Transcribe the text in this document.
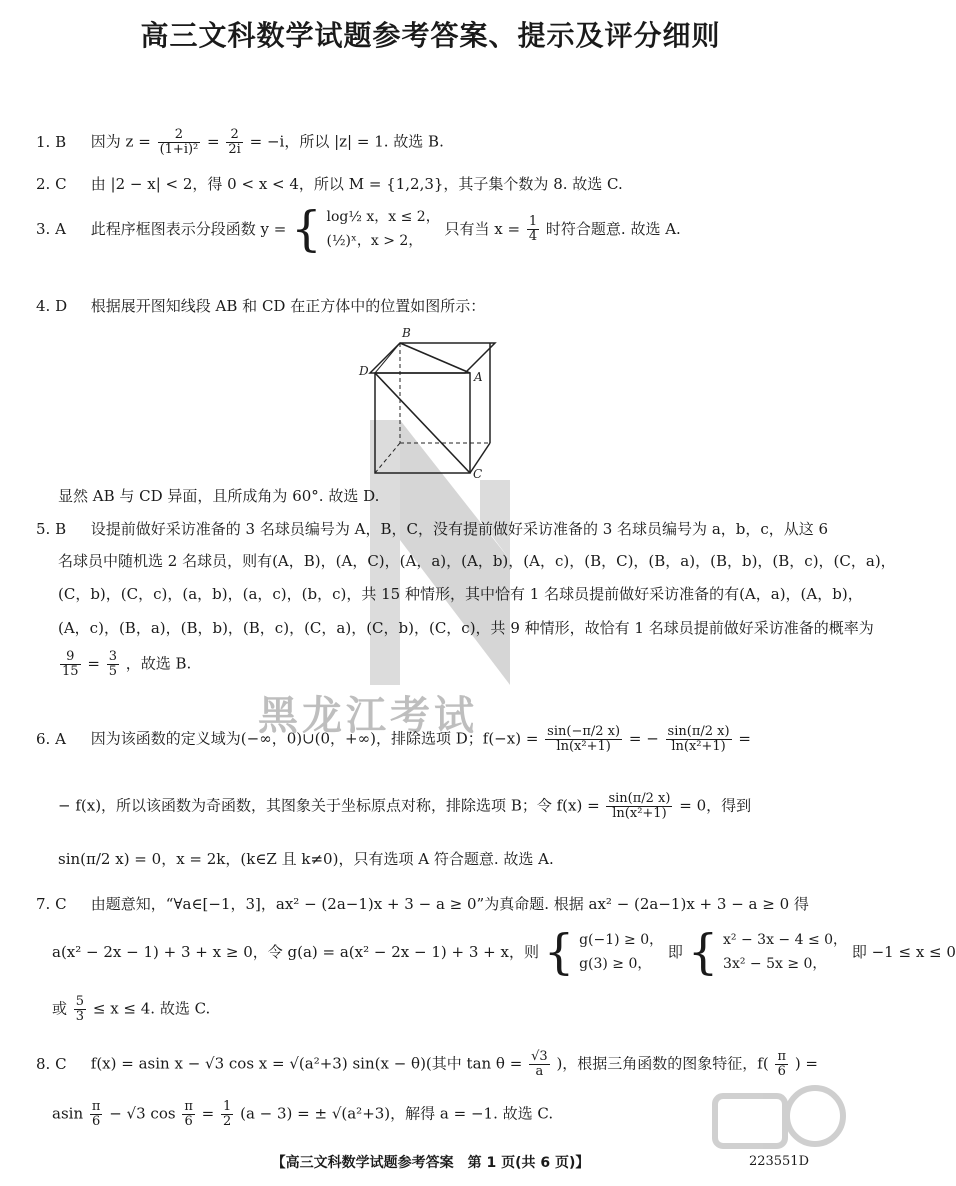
高三文科数学试题参考答案、提示及评分细则
黑龙江考试
1. B 因为 $z = \frac{2}{\text{(1+i)²}} = \frac{2}{2i} = -i$，所以 |z| = 1. 故选 B.
2. C 由 |2 − x| < 2，得 0 < x < 4，所以 M = {1,2,3}，其子集个数为 8. 故选 C.
3. A 此程序框图表示分段函数 y = { log½ x，x ≤ 2，
(½)ˣ，x > 2，
只有当 $x = \frac{1}{4}$ 时符合题意. 故选 A.
4. D 根据展开图知线段 AB 和 CD 在正方体中的位置如图所示：
B
D	A
C
显然 AB 与 CD 异面，且所成角为 60°. 故选 D.
5. B 设提前做好采访准备的 3 名球员编号为 A，B，C，没有提前做好采访准备的 3 名球员编号为 a，b，c，从这 6
名球员中随机选 2 名球员，则有(A，B)，(A，C)，(A，a)，(A，b)，(A，c)，(B，C)，(B，a)，(B，b)，(B，c)，(C，a)，
(C，b)，(C，c)，(a，b)，(a，c)，(b，c)，共 15 种情形，其中恰有 1 名球员提前做好采访准备的有(A，a)，(A，b)，
(A，c)，(B，a)，(B，b)，(B，c)，(C，a)，(C，b)，(C，c)，共 9 种情形，故恰有 1 名球员提前做好采访准备的概率为
$\frac{9}{15} = \frac{3}{5}$ ，故选 B.
6. A 因为该函数的定义域为(−∞，0)∪(0，+∞)，排除选项 D；$f(-x) = \frac{\sin(-\pi/2 x)}{\text{ln(x²+1)}}$ = − $\frac{\sin(\pi/2 x)}{\text{ln(x²+1)}}$ =
− f(x)，所以该函数为奇函数，其图象关于坐标原点对称，排除选项 B；令 $f(x) = \frac{\sin(\pi/2 x)}{\text{ln(x²+1)}} = 0$，得到
sin(π/2 x) = 0，x = 2k，(k∈Z 且 k≠0)，只有选项 A 符合题意. 故选 A.
7. C 由题意知，“∀a∈[−1，3]，ax² − (2a−1)x + 3 − a ≥ 0”为真命题. 根据 ax² − (2a−1)x + 3 − a ≥ 0 得
a(x² − 2x − 1) + 3 + x ≥ 0，令 g(a) = a(x² − 2x − 1) + 3 + x，则 { g(−1) ≥ 0，
g(3) ≥ 0，
即 { x² − 3x − 4 ≤ 0，
3x² − 5x ≥ 0，
即 −1 ≤ x ≤ 0
或 $\frac{5}{3} \le x \le 4$. 故选 C.
8. C f(x) = asin x − √3 cos x = √(a²+3) sin(x − θ)(其中 $\tan \theta = \frac{√3}{a}$ )，根据三角函数的图象特征，$f( \frac{\pi}{6}$ ) =
asin $\frac{\pi}{6} - √3$ $\cos \frac{\pi}{6} = \frac{1}{2} (a - 3)$ = ± √(a²+3)，解得 a = −1. 故选 C.
【高三文科数学试题参考答案　第 1 页(共 6 页)】	223551D
